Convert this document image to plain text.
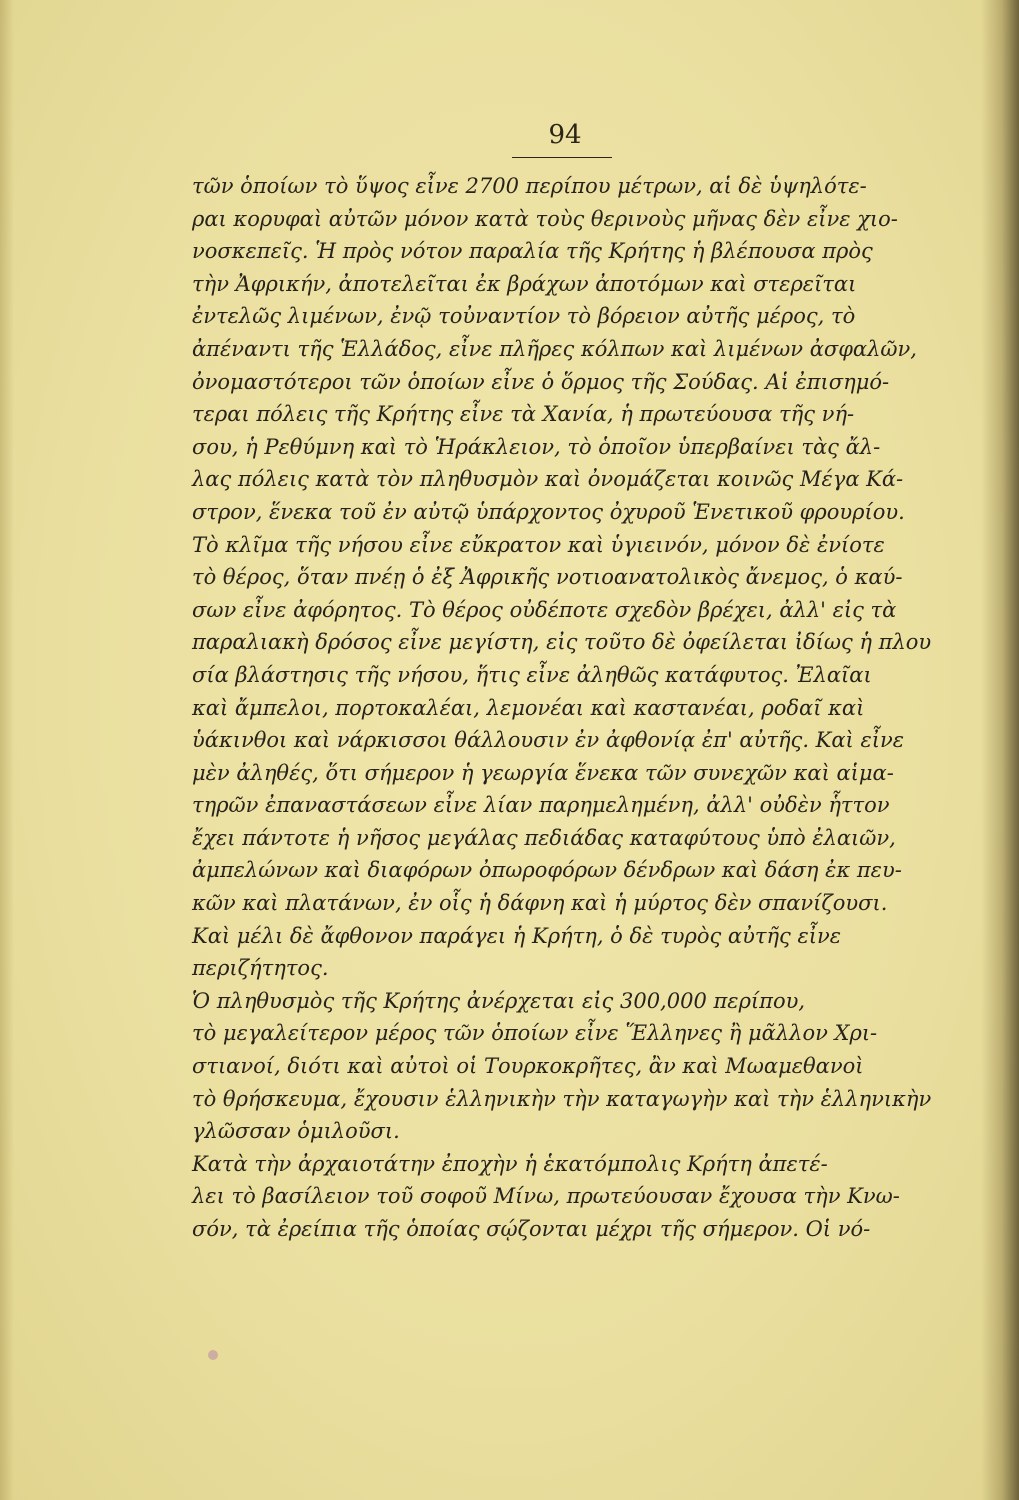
94
τῶν ὁποίων τὸ ὕψος εἶνε 2700 περίπου μέτρων, αἱ δὲ ὑψηλότε-
ραι κορυφαὶ αὐτῶν μόνον κατὰ τοὺς θερινοὺς μῆνας δὲν εἶνε χιο-
νοσκεπεῖς. Ἡ πρὸς νότον παραλία τῆς Κρήτης ἡ βλέπουσα πρὸς
τὴν Ἀφρικήν, ἀποτελεῖται ἐκ βράχων ἀποτόμων καὶ στερεῖται
ἐντελῶς λιμένων, ἐνῷ τοὐναντίον τὸ βόρειον αὐτῆς μέρος, τὸ
ἀπέναντι τῆς Ἑλλάδος, εἶνε πλῆρες κόλπων καὶ λιμένων ἀσφαλῶν,
ὀνομαστότεροι τῶν ὁποίων εἶνε ὁ ὅρμος τῆς Σούδας. Αἱ ἐπισημό-
τεραι πόλεις τῆς Κρήτης εἶνε τὰ Χανία, ἡ πρωτεύουσα τῆς νή-
σου, ἡ Ρεθύμνη καὶ τὸ Ἡράκλειον, τὸ ὁποῖον ὑπερβαίνει τὰς ἄλ-
λας πόλεις κατὰ τὸν πληθυσμὸν καὶ ὀνομάζεται κοινῶς Μέγα Κά-
στρον, ἕνεκα τοῦ ἐν αὐτῷ ὑπάρχοντος ὀχυροῦ Ἑνετικοῦ φρουρίου.
Τὸ κλῖμα τῆς νήσου εἶνε εὔκρατον καὶ ὑγιεινόν, μόνον δὲ ἐνίοτε
τὸ θέρος, ὅταν πνέῃ ὁ ἐξ Ἀφρικῆς νοτιοανατολικὸς ἄνεμος, ὁ καύ-
σων εἶνε ἀφόρητος. Τὸ θέρος οὐδέποτε σχεδὸν βρέχει, ἀλλ' εἰς τὰ
παραλιακὴ δρόσος εἶνε μεγίστη, εἰς τοῦτο δὲ ὀφείλεται ἰδίως ἡ πλου
σία βλάστησις τῆς νήσου, ἥτις εἶνε ἀληθῶς κατάφυτος. Ἐλαῖαι
καὶ ἄμπελοι, πορτοκαλέαι, λεμονέαι καὶ καστανέαι, ροδαῖ καὶ
ὑάκινθοι καὶ νάρκισσοι θάλλουσιν ἐν ἀφθονίᾳ ἐπ' αὐτῆς. Καὶ εἶνε
μὲν ἀληθές, ὅτι σήμερον ἡ γεωργία ἕνεκα τῶν συνεχῶν καὶ αἱμα-
τηρῶν ἐπαναστάσεων εἶνε λίαν παρημελημένη, ἀλλ' οὐδὲν ἧττον
ἔχει πάντοτε ἡ νῆσος μεγάλας πεδιάδας καταφύτους ὑπὸ ἐλαιῶν,
ἀμπελώνων καὶ διαφόρων ὀπωροφόρων δένδρων καὶ δάση ἐκ πευ-
κῶν καὶ πλατάνων, ἐν οἷς ἡ δάφνη καὶ ἡ μύρτος δὲν σπανίζουσι.
Καὶ μέλι δὲ ἄφθονον παράγει ἡ Κρήτη, ὁ δὲ τυρὸς αὐτῆς εἶνε
περιζήτητος.
Ὁ πληθυσμὸς τῆς Κρήτης ἀνέρχεται εἰς 300,000 περίπου,
τὸ μεγαλείτερον μέρος τῶν ὁποίων εἶνε Ἕλληνες ἢ μᾶλλον Χρι-
στιανοί, διότι καὶ αὐτοὶ οἱ Τουρκοκρῆτες, ἂν καὶ Μωαμεθανοὶ
τὸ θρήσκευμα, ἔχουσιν ἑλληνικὴν τὴν καταγωγὴν καὶ τὴν ἑλληνικὴν
γλῶσσαν ὁμιλοῦσι.
Κατὰ τὴν ἀρχαιοτάτην ἐποχὴν ἡ ἑκατόμπολις Κρήτη ἀπετέ-
λει τὸ βασίλειον τοῦ σοφοῦ Μίνω, πρωτεύουσαν ἔχουσα τὴν Κνω-
σόν, τὰ ἐρείπια τῆς ὁποίας σῴζονται μέχρι τῆς σήμερον. Οἱ νό-
